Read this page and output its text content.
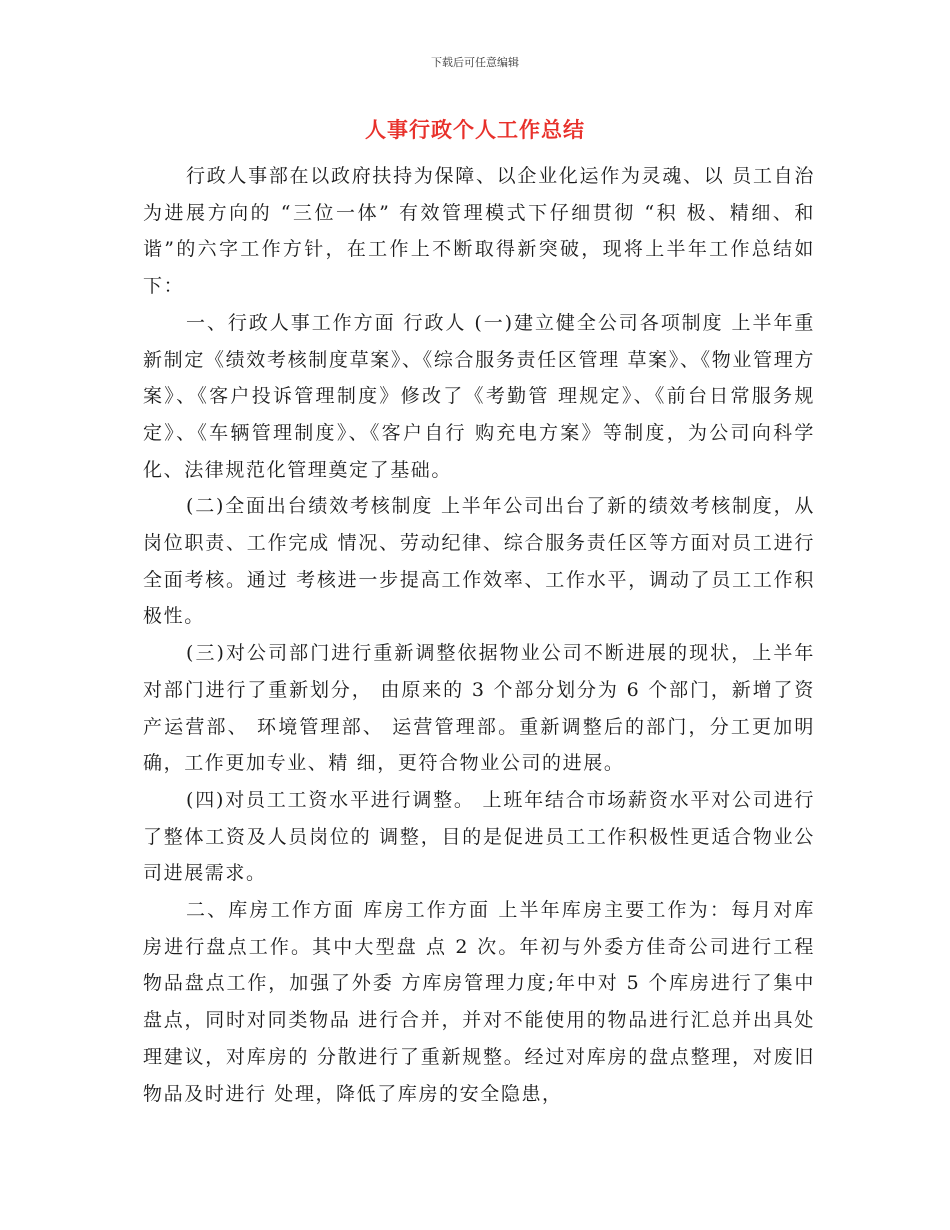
下载后可任意编辑
人事行政个人工作总结

行政人事部在以政府扶持为保障、以企业化运作为灵魂、以 员工自治为进展方向的 “三位一体” 有效管理模式下仔细贯彻 “积 极、精细、和谐”的六字工作方针，在工作上不断取得新突破，现将上半年工作总结如下：

一、行政人事工作方面 行政人 (一)建立健全公司各项制度 上半年重新制定《绩效考核制度草案》、《综合服务责任区管理 草案》、《物业管理方案》、《客户投诉管理制度》修改了《考勤管 理规定》、《前台日常服务规定》、《车辆管理制度》、《客户自行 购充电方案》等制度，为公司向科学化、法律规范化管理奠定了基础。

(二)全面出台绩效考核制度 上半年公司出台了新的绩效考核制度，从岗位职责、工作完成 情况、劳动纪律、综合服务责任区等方面对员工进行全面考核。通过 考核进一步提高工作效率、工作水平，调动了员工工作积极性。

(三)对公司部门进行重新调整依据物业公司不断进展的现状，上半年对部门进行了重新划分， 由原来的 3 个部分划分为 6 个部门，新增了资产运营部、 环境管理部、 运营管理部。重新调整后的部门，分工更加明确，工作更加专业、精 细，更符合物业公司的进展。

(四)对员工工资水平进行调整。 上班年结合市场薪资水平对公司进行了整体工资及人员岗位的 调整，目的是促进员工工作积极性更适合物业公司进展需求。

二、库房工作方面 库房工作方面 上半年库房主要工作为：每月对库房进行盘点工作。其中大型盘 点 2 次。年初与外委方佳奇公司进行工程物品盘点工作，加强了外委 方库房管理力度;年中对 5 个库房进行了集中盘点，同时对同类物品 进行合并，并对不能使用的物品进行汇总并出具处理建议，对库房的 分散进行了重新规整。经过对库房的盘点整理，对废旧物品及时进行 处理，降低了库房的安全隐患，
